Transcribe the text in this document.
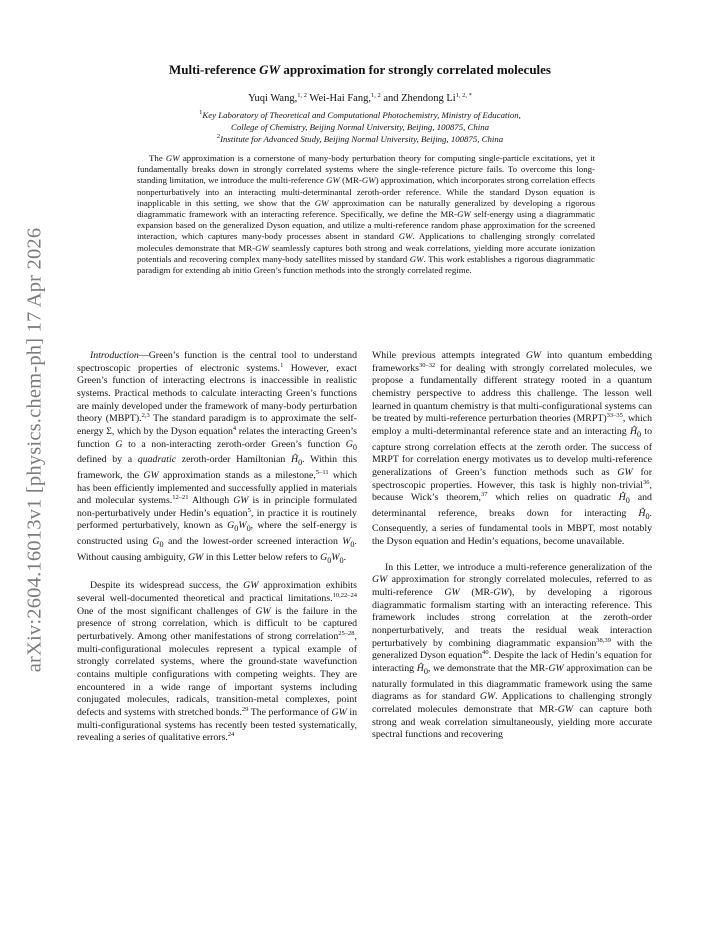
arXiv:2604.16013v1 [physics.chem-ph] 17 Apr 2026
Multi-reference GW approximation for strongly correlated molecules
Yuqi Wang,$^{1, 2}$ Wei-Hai Fang,$^{1, 2}$ and Zhendong $Li^{1, 2, *}$
$^1$Key Laboratory of Theoretical and Computational Photochemistry, Ministry of Education,
College of Chemistry, Beijing Normal University, Beijing, 100875, China
$^2$Institute for Advanced Study, Beijing Normal University, Beijing, 100875, China
The GW approximation is a cornerstone of many-body perturbation theory for computing single-particle excitations, yet it fundamentally breaks down in strongly correlated systems where the single-reference picture fails. To overcome this long-standing limitation, we introduce the multi-reference GW (MR-GW) approximation, which incorporates strong correlation effects nonperturbatively into an interacting multi-determinantal zeroth-order reference. While the standard Dyson equation is inapplicable in this setting, we show that the GW approximation can be naturally generalized by developing a rigorous diagrammatic framework with an interacting reference. Specifically, we define the MR-GW self-energy using a diagrammatic expansion based on the generalized Dyson equation, and utilize a multi-reference random phase approximation for the screened interaction, which captures many-body processes absent in standard GW. Applications to challenging strongly correlated molecules demonstrate that MR-GW seamlessly captures both strong and weak correlations, yielding more accurate ionization potentials and recovering complex many-body satellites missed by standard GW. This work establishes a rigorous diagrammatic paradigm for extending ab initio Green’s function methods into the strongly correlated regime.

Introduction—Green’s function is the central tool to understand spectroscopic properties of electronic systems.$^1$ However, exact Green’s function of interacting electrons is inaccessible in realistic systems. Practical methods to calculate interacting Green’s functions are mainly developed under the framework of many-body perturbation theory (MBPT).$^{2,3}$ The standard paradigm is to approximate the self-energy Σ, which by the Dyson equation$^4$ relates the interacting Green’s function G to a non-interacting zeroth-order Green’s function $G_0$ defined by a quadratic zeroth-order Hamiltonian $Ĥ_0$. Within this framework, the GW approximation stands as a milestone,$^{5-11}$ which has been efficiently implemented and successfully applied in materials and molecular systems.$^{12-21}$ Although GW is in principle formulated non-perturbatively under Hedin’s equation$^5$, in practice it is routinely performed perturbatively, known as $G_0W_0$, where the self-energy is constructed using $G_0$ and the lowest-order screened interaction $W_0$. Without causing ambiguity, GW in this Letter below refers to $G_0W_0$.

Despite its widespread success, the GW approximation exhibits several well-documented theoretical and practical limitations.$^{10,22-24}$ One of the most significant challenges of GW is the failure in the presence of strong correlation, which is difficult to be captured perturbatively. Among other manifestations of strong correlation$^{25-28}$, multi-configurational molecules represent a typical example of strongly correlated systems, where the ground-state wavefunction contains multiple configurations with competing weights. They are encountered in a wide range of important systems including conjugated molecules, radicals, transition-metal complexes, point defects and systems with stretched bonds.$^{29}$ The performance of GW in multi-configurational systems has recently been tested systematically, revealing a series of qualitative errors.$^{24}$

While previous attempts integrated GW into quantum embedding frameworks$^{30-32}$ for dealing with strongly correlated molecules, we propose a fundamentally different strategy rooted in a quantum chemistry perspective to address this challenge. The lesson well learned in quantum chemistry is that multi-configurational systems can be treated by multi-reference perturbation theories (MRPT)$^{33-35}$, which employ a multi-determinantal reference state and an interacting $Ĥ_0$ to capture strong correlation effects at the zeroth order. The success of MRPT for correlation energy motivates us to develop multi-reference generalizations of Green’s function methods such as GW for spectroscopic properties. However, this task is highly non-trivial$^{36}$, because Wick’s theorem,$^{37}$ which relies on quadratic $Ĥ_0$ and determinantal reference, breaks down for interacting $Ĥ_0$. Consequently, a series of fundamental tools in MBPT, most notably the Dyson equation and Hedin’s equations, become unavailable.

In this Letter, we introduce a multi-reference generalization of the GW approximation for strongly correlated molecules, referred to as multi-reference GW (MR-GW), by developing a rigorous diagrammatic formalism starting with an interacting reference. This framework includes strong correlation at the zeroth-order nonperturbatively, and treats the residual weak interaction perturbatively by combining diagrammatic expansion$^{38,39}$ with the generalized Dyson equation$^{40}$. Despite the lack of Hedin’s equation for interacting $Ĥ_0$, we demonstrate that the MR-GW approximation can be naturally formulated in this diagrammatic framework using the same diagrams as for standard GW. Applications to challenging strongly correlated molecules demonstrate that MR-GW can capture both strong and weak correlation simultaneously, yielding more accurate spectral functions and recovering
